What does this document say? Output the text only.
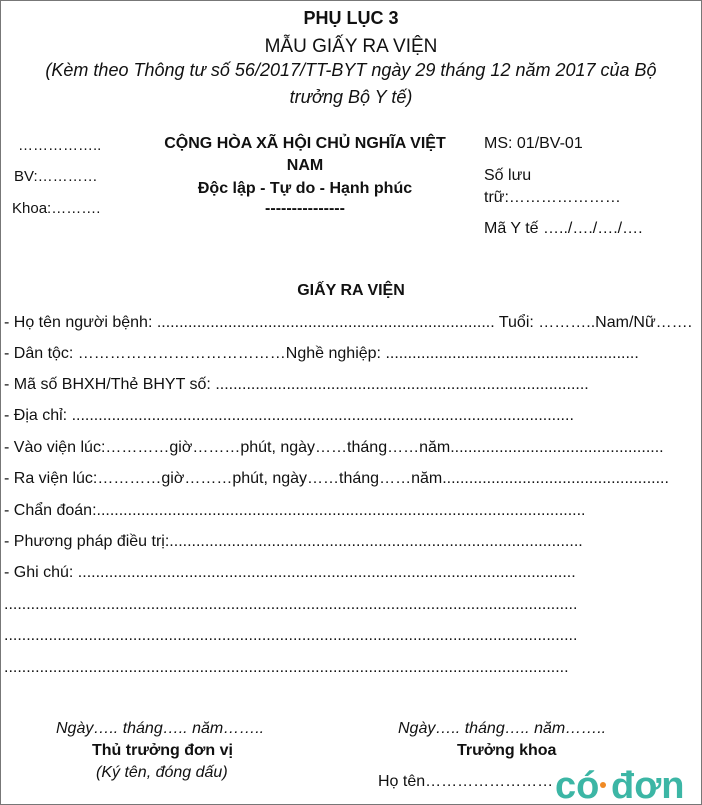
PHỤ LỤC 3
MẪU GIẤY RA VIỆN
(Kèm theo Thông tư số 56/2017/TT-BYT ngày 29 tháng 12 năm 2017 của Bộ
trưởng Bộ Y tế)
……………..
BV:…………
Khoa:……….
CỘNG HÒA XÃ HỘI CHỦ NGHĨA VIỆT
NAM
Độc lập - Tự do - Hạnh phúc
---------------
MS: 01/BV-01
Số lưu
trữ:…………………
Mã Y tế …../…./…./….
GIẤY RA VIỆN
- Họ tên người bệnh: ............................................................................ Tuổi: ………..Nam/Nữ…….
- Dân tộc: …………………………………Nghề nghiệp: .........................................................
- Mã số BHXH/Thẻ BHYT số: ....................................................................................
- Địa chỉ: .................................................................................................................
- Vào viện lúc:…………giờ………phút, ngày……tháng……năm................................................
- Ra viện lúc:…………giờ………phút, ngày……tháng……năm...................................................
- Chẩn đoán:..............................................................................................................
- Phương pháp điều trị:.............................................................................................
- Ghi chú: ................................................................................................................
.................................................................................................................................
.................................................................................................................................
...............................................................................................................................
Ngày….. tháng….. năm……..
Thủ trưởng đơn vị
(Ký tên, đóng dấu)
Ngày….. tháng….. năm……..
Trưởng khoa
Họ tên…………………… có đơn
